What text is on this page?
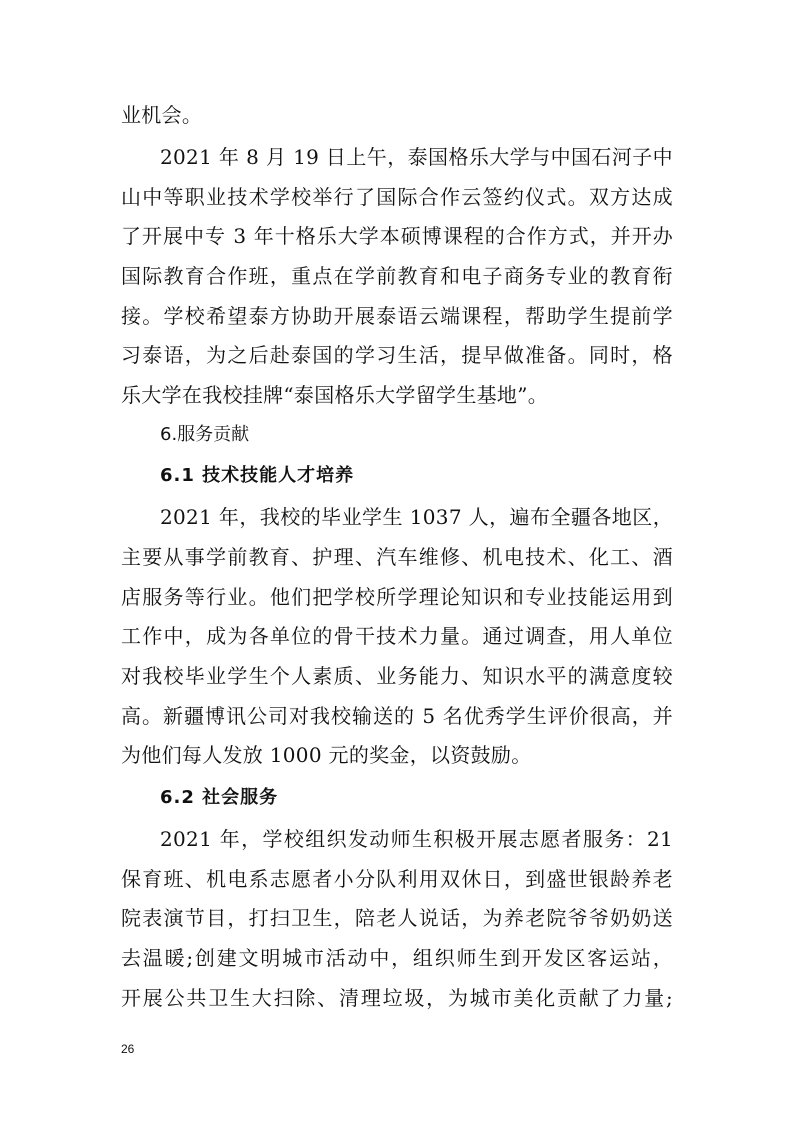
业机会。
2021 年 8 月 19 日上午，泰国格乐大学与中国石河子中
山中等职业技术学校举行了国际合作云签约仪式。双方达成
了开展中专 3 年十格乐大学本硕博课程的合作方式，并开办
国际教育合作班，重点在学前教育和电子商务专业的教育衔
接。学校希望泰方协助开展泰语云端课程，帮助学生提前学
习泰语，为之后赴泰国的学习生活，提早做准备。同时，格
乐大学在我校挂牌“泰国格乐大学留学生基地”。
6.服务贡献
6.1 技术技能人才培养
2021 年，我校的毕业学生 1037 人，遍布全疆各地区，
主要从事学前教育、护理、汽车维修、机电技术、化工、酒
店服务等行业。他们把学校所学理论知识和专业技能运用到
工作中，成为各单位的骨干技术力量。通过调查，用人单位
对我校毕业学生个人素质、业务能力、知识水平的满意度较
高。新疆博讯公司对我校输送的 5 名优秀学生评价很高，并
为他们每人发放 1000 元的奖金，以资鼓励。
6.2 社会服务
2021 年，学校组织发动师生积极开展志愿者服务：21
保育班、机电系志愿者小分队利用双休日，到盛世银龄养老
院表演节目，打扫卫生，陪老人说话，为养老院爷爷奶奶送
去温暖;创建文明城市活动中，组织师生到开发区客运站，
开展公共卫生大扫除、清理垃圾，为城市美化贡献了力量;
26
